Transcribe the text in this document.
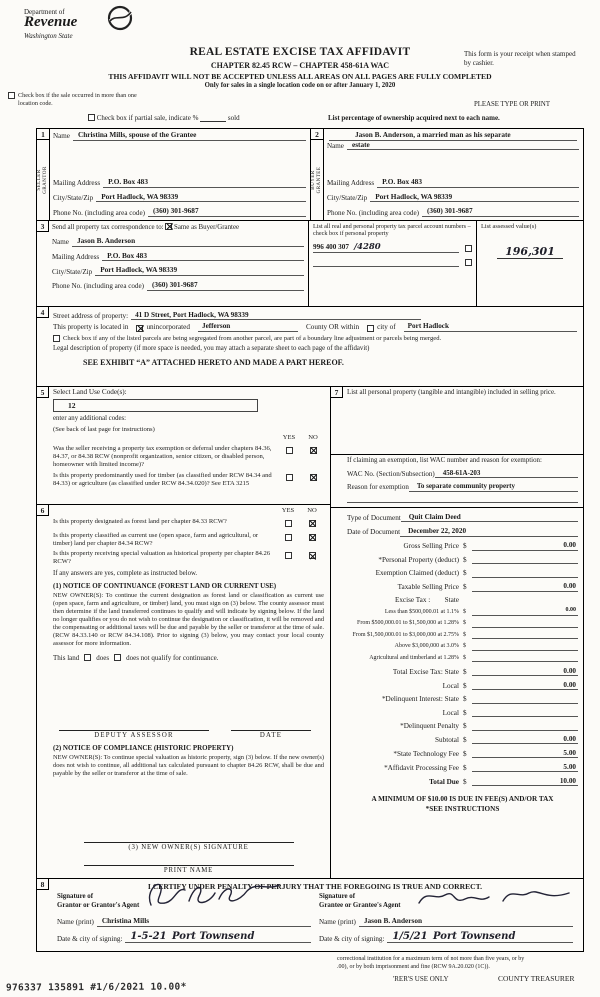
Department of
Revenue
Washington State
REAL ESTATE EXCISE TAX AFFIDAVIT
CHAPTER 82.45 RCW – CHAPTER 458-61A WAC
THIS AFFIDAVIT WILL NOT BE ACCEPTED UNLESS ALL AREAS ON ALL PAGES ARE FULLY COMPLETED
Only for sales in a single location code on or after January 1, 2020
This form is your receipt when stamped by cashier.
PLEASE TYPE OR PRINT
Check box if the sale occurred in more than one location code.
Check box if partial sale, indicate %	sold	List percentage of ownership acquired next to each name.
1
SELLER GRANTOR
Name	Christina Mills, spouse of the Grantee
Mailing Address	P.O. Box 483
City/State/Zip	Port Hadlock, WA 98339
Phone No. (including area code)	(360) 301-9687
2
BUYER GRANTEE
Jason B. Anderson, a married man as his separate
Name	estate
Mailing Address	P.O. Box 483
City/State/Zip	Port Hadlock, WA 98339
Phone No. (including area code)	(360) 301-9687
3	Send all property tax correspondence to: Same as Buyer/Grantee
Name	Jason B. Anderson
Mailing Address	P.O. Box 483
City/State/Zip	Port Hadlock, WA 98339
Phone No. (including area code)	(360) 301-9687
List all real and personal property tax parcel account numbers – check box if personal property
996 400 307 /4280
List assessed value(s)
196,301
4	Street address of property: 41 D Street, Port Hadlock, WA 98339
This property is located in	unincorporated	Jefferson	County OR within	city of	Port Hadlock
Check box if any of the listed parcels are being segregated from another parcel, are part of a boundary line adjustment or parcels being merged.
Legal description of property (if more space is needed, you may attach a separate sheet to each page of the affidavit)
SEE EXHIBIT “A” ATTACHED HERETO AND MADE A PART HEREOF.
5	Select Land Use Code(s):
12
enter any additional codes:
(See back of last page for instructions)
YES	NO
Was the seller receiving a property tax exemption or deferral under chapters 84.36, 84.37, or 84.38 RCW (nonprofit organization, senior citizen, or disabled person, homeowner with limited income)?
Is this property predominantly used for timber (as classified under RCW 84.34 and 84.33) or agriculture (as classified under RCW 84.34.020)? See ETA 3215
6	YES	NO
Is this property designated as forest land per chapter 84.33 RCW?
Is this property classified as current use (open space, farm and agricultural, or timber) land per chapter 84.34 RCW?
Is this property receiving special valuation as historical property per chapter 84.26 RCW?
If any answers are yes, complete as instructed below.
(1) NOTICE OF CONTINUANCE (FOREST LAND OR CURRENT USE)
NEW OWNER(S): To continue the current designation as forest land or classification as current use (open space, farm and agriculture, or timber) land, you must sign on (3) below. The county assessor must then determine if the land transferred continues to qualify and will indicate by signing below. If the land no longer qualifies or you do not wish to continue the designation or classification, it will be removed and the compensating or additional taxes will be due and payable by the seller or transferor at the time of sale. (RCW 84.33.140 or RCW 84.34.108). Prior to signing (3) below, you may contact your local county assessor for more information.
This land does does not qualify for continuance.
DEPUTY ASSESSOR	DATE
(2) NOTICE OF COMPLIANCE (HISTORIC PROPERTY)
NEW OWNER(S): To continue special valuation as historic property, sign (3) below. If the new owner(s) does not wish to continue, all additional tax calculated pursuant to chapter 84.26 RCW, shall be due and payable by the seller or transferor at the time of sale.
(3) NEW OWNER(S) SIGNATURE
PRINT NAME
7	List all personal property (tangible and intangible) included in selling price.
If claiming an exemption, list WAC number and reason for exemption:
WAC No. (Section/Subsection)	458-61A-203
Reason for exemption	To separate community property
Type of Document	Quit Claim Deed
Date of Document	December 22, 2020
Gross Selling Price $	0.00
*Personal Property (deduct) $
Exemption Claimed (deduct) $
Taxable Selling Price $	0.00
Excise Tax :        State
Less than $500,000.01 at 1.1% $	0.00
From $500,000.01 to $1,500,000 at 1.28% $
From $1,500,000.01 to $3,000,000 at 2.75% $
Above $3,000,000 at 3.0% $
Agricultural and timberland at 1.28% $
Total Excise Tax: State $	0.00
Local $	0.00
*Delinquent Interest: State $
Local $
*Delinquent Penalty $
Subtotal $	0.00
*State Technology Fee $	5.00
*Affidavit Processing Fee $	5.00
Total Due $	10.00
A MINIMUM OF $10.00 IS DUE IN FEE(S) AND/OR TAX
*SEE INSTRUCTIONS
8	I CERTIFY UNDER PENALTY OF PERJURY THAT THE FOREGOING IS TRUE AND CORRECT.
Signature of
Grantor or Grantor's Agent
Signature of
Grantee or Grantee's Agent
Name (print)	Christina Mills
Date & city of signing: 1-5-21 Port Townsend
Name (print)	Jason B. Anderson
Date & city of signing: 1/5/21 Port Townsend
correctional institution for a maximum term of not more than five years, or by
.00), or by both imprisonment and fine (RCW 9A.20.020 (1C)).
'RER'S USE ONLY	COUNTY TREASURER
976337 135891 #1/6/2021 10.00*
